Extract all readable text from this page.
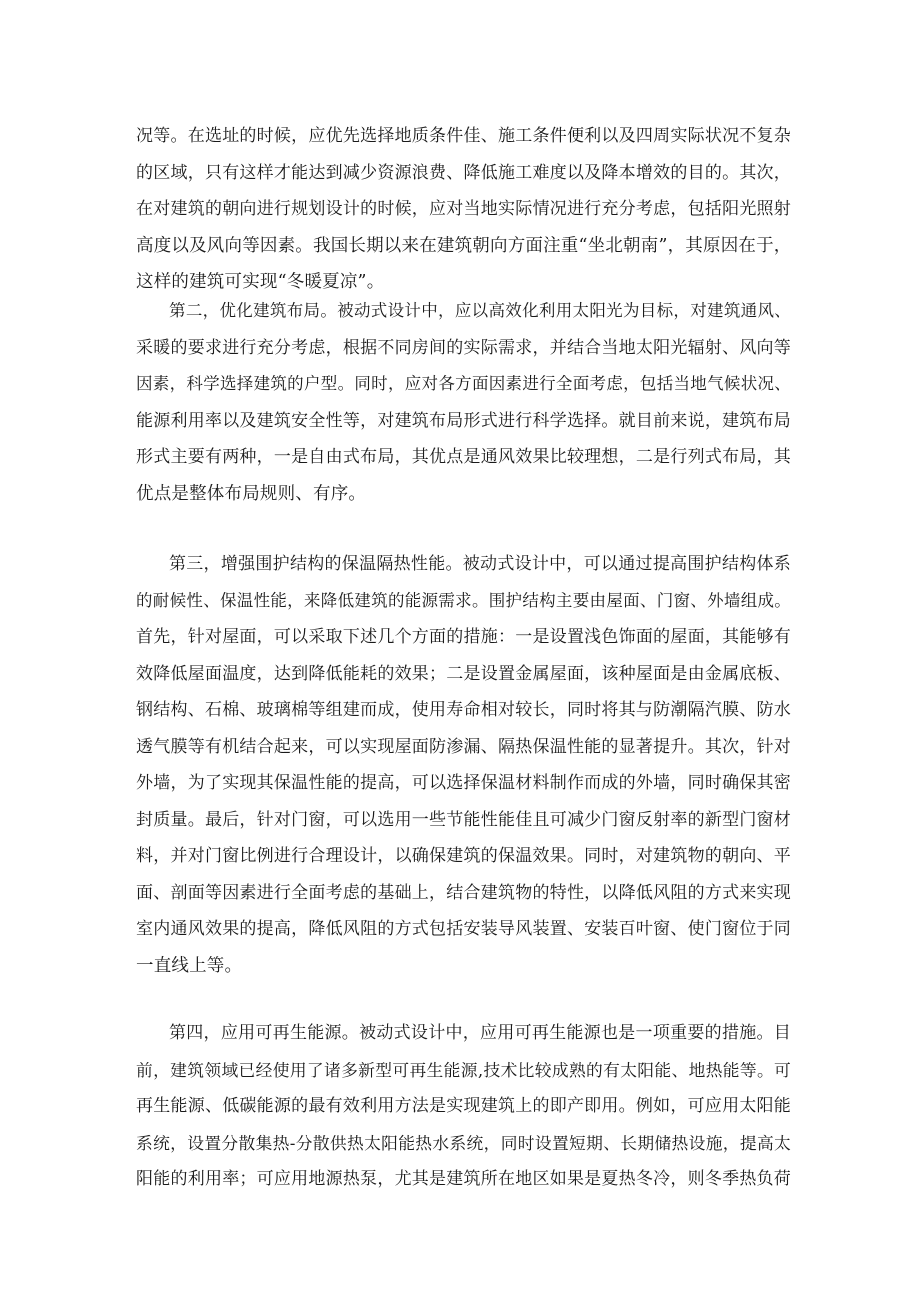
况等。在选址的时候，应优先选择地质条件佳、施工条件便利以及四周实际状况不复杂
的区域，只有这样才能达到减少资源浪费、降低施工难度以及降本增效的目的。其次，
在对建筑的朝向进行规划设计的时候，应对当地实际情况进行充分考虑，包括阳光照射
高度以及风向等因素。我国长期以来在建筑朝向方面注重“坐北朝南”，其原因在于，
这样的建筑可实现“冬暖夏凉”。
第二，优化建筑布局。被动式设计中，应以高效化利用太阳光为目标，对建筑通风、
采暖的要求进行充分考虑，根据不同房间的实际需求，并结合当地太阳光辐射、风向等
因素，科学选择建筑的户型。同时，应对各方面因素进行全面考虑，包括当地气候状况、
能源利用率以及建筑安全性等，对建筑布局形式进行科学选择。就目前来说，建筑布局
形式主要有两种，一是自由式布局，其优点是通风效果比较理想，二是行列式布局，其
优点是整体布局规则、有序。
第三，增强围护结构的保温隔热性能。被动式设计中，可以通过提高围护结构体系
的耐候性、保温性能，来降低建筑的能源需求。围护结构主要由屋面、门窗、外墙组成。
首先，针对屋面，可以采取下述几个方面的措施：一是设置浅色饰面的屋面，其能够有
效降低屋面温度，达到降低能耗的效果；二是设置金属屋面，该种屋面是由金属底板、
钢结构、石棉、玻璃棉等组建而成，使用寿命相对较长，同时将其与防潮隔汽膜、防水
透气膜等有机结合起来，可以实现屋面防渗漏、隔热保温性能的显著提升。其次，针对
外墙，为了实现其保温性能的提高，可以选择保温材料制作而成的外墙，同时确保其密
封质量。最后，针对门窗，可以选用一些节能性能佳且可减少门窗反射率的新型门窗材
料，并对门窗比例进行合理设计，以确保建筑的保温效果。同时，对建筑物的朝向、平
面、剖面等因素进行全面考虑的基础上，结合建筑物的特性，以降低风阻的方式来实现
室内通风效果的提高，降低风阻的方式包括安装导风装置、安装百叶窗、使门窗位于同
一直线上等。
第四，应用可再生能源。被动式设计中，应用可再生能源也是一项重要的措施。目
前，建筑领域已经使用了诸多新型可再生能源,技术比较成熟的有太阳能、地热能等。可
再生能源、低碳能源的最有效利用方法是实现建筑上的即产即用。例如，可应用太阳能
系统，设置分散集热-分散供热太阳能热水系统，同时设置短期、长期储热设施，提高太
阳能的利用率；可应用地源热泵，尤其是建筑所在地区如果是夏热冬冷，则冬季热负荷
